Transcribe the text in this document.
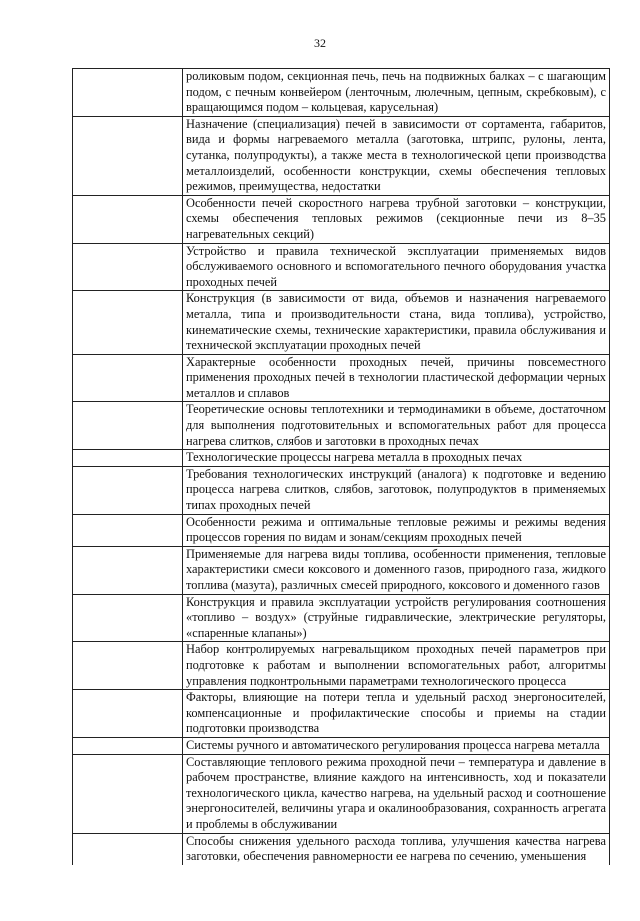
32

	роликовым подом, секционная печь, печь на подвижных балках – с шагающим подом, с печным конвейером (ленточным, люлечным, цепным, скребковым), с вращающимся подом – кольцевая, карусельная)

	Назначение (специализация) печей в зависимости от сортамента, габаритов, вида и формы нагреваемого металла (заготовка, штрипс, рулоны, лента, сутанка, полупродукты), а также места в технологической цепи производства металлоизделий, особенности конструкции, схемы обеспечения тепловых режимов, преимущества, недостатки

	Особенности печей скоростного нагрева трубной заготовки – конструкции, схемы обеспечения тепловых режимов (секционные печи из 8–35 нагревательных секций)

	Устройство и правила технической эксплуатации применяемых видов обслуживаемого основного и вспомогательного печного оборудования участка проходных печей

	Конструкция (в зависимости от вида, объемов и назначения нагреваемого металла, типа и производительности стана, вида топлива), устройство, кинематические схемы, технические характеристики, правила обслуживания и технической эксплуатации проходных печей

	Характерные особенности проходных печей, причины повсеместного применения проходных печей в технологии пластической деформации черных металлов и сплавов

	Теоретические основы теплотехники и термодинамики в объеме, достаточном для выполнения подготовительных и вспомогательных работ для процесса нагрева слитков, слябов и заготовки в проходных печах

	Технологические процессы нагрева металла в проходных печах

	Требования технологических инструкций (аналога) к подготовке и ведению процесса нагрева слитков, слябов, заготовок, полупродуктов в применяемых типах проходных печей

	Особенности режима и оптимальные тепловые режимы и режимы ведения процессов горения по видам и зонам/секциям проходных печей

	Применяемые для нагрева виды топлива, особенности применения, тепловые характеристики смеси коксового и доменного газов, природного газа, жидкого топлива (мазута), различных смесей природного, коксового и доменного газов

	Конструкция и правила эксплуатации устройств регулирования соотношения «топливо – воздух» (струйные гидравлические, электрические регуляторы, «спаренные клапаны»)

	Набор контролируемых нагревальщиком проходных печей параметров при подготовке к работам и выполнении вспомогательных работ, алгоритмы управления подконтрольными параметрами технологического процесса

	Факторы, влияющие на потери тепла и удельный расход энергоносителей, компенсационные и профилактические способы и приемы на стадии подготовки производства

	Системы ручного и автоматического регулирования процесса нагрева металла

	Составляющие теплового режима проходной печи – температура и давление в рабочем пространстве, влияние каждого на интенсивность, ход и показатели технологического цикла, качество нагрева, на удельный расход и соотношение энергоносителей, величины угара и окалинообразования, сохранность агрегата и проблемы в обслуживании

	Способы снижения удельного расхода топлива, улучшения качества нагрева заготовки, обеспечения равномерности ее нагрева по сечению, уменьшения
